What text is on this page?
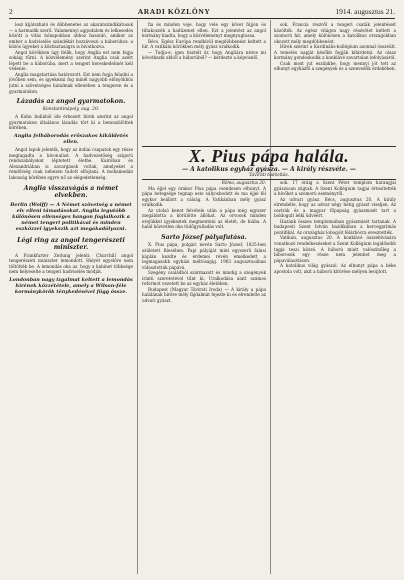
2	ARADI KÖZLÖNY	1914. augusztus 21.

lesz kijátszható és döbbenetes az akaratszindikátusok — a harmadik szerű. Valamennyi aggodalom és lelkesedés között a vitás hónapokban ahhoz hasonló, amikor az ember a hadviselés szándékát hozzáveszi a háborúhoz: a közös ügyeket a köztisztaságra is hivatkozva.

Angol körökben úgy ítélik, hogy Anglia ezt nem fogja sokáig tűrni. A közvélemény szerint Anglia csak azért lépett be a háborúba, mert a tengeri kereskedelmét kell védenie.

Anglia magatartása határozott. Ezt nem fogja feladni a jövőben sem, és igyekezni fog minél nagyobb előnyökhöz jutni a szövetséges hatalmak ellenében a tengeren és a gyarmatokon.

Lázadás az angol gyarmatokon.
Konstantinápoly, aug. 20.

A Kuhn Indiából ide érkezett hírek szerint az angol gyarmatokon általános lázadás tört ki a bennszülöttek körében.

Anglia felháborodás erőszakos kiküldetés ellen.

Angol lapok jelentik, hogy az indiai csapatok egy része megtagadta a kivonulást. A hadvezetőség szigorú rendszabályokat léptetett életbe. Kairóban és Alexandriában is zavargások voltak, amelyeket a rendőrség csak nehezen tudott elfojtani. A mohamedán lakosság körében egyre nő az elégedetlenség.

Anglia visszavágás a német elvekben.
Berlin (Wolff) — A Német szövetség a német elv elleni támadásokat. Anglia legutóbb különösen ellenséges hangon foglalkozik a német tengeri politikával és minden eszközzel igyekszik azt megakadályozni.
Légi ring az angol tengerészeti miniszter.

A Frankfurter Zeitung jelenti: Churchill angol tengerészeti miniszter lemondott. Helyét egyelőre nem töltötték be. A lemondás oka az, hogy a kabinet többsége nem helyeselte a tengeri hadviselés módját.

Londonban nagy izgalmat keltett a lemondás hírének közzététele, amely a Wilson-féle kormánykörök ténykedésével függ össze.

fia és minden veje, hogy vele egy követ fújjon és tiltakozzék a hadüzenet ellen. Ezt a jelentést az angol kormány kiadta, hogy a közvéleményt megnyugtassa.

Bécs. Egész Európa rendkívül megdöbbenést keltett a hír. A vatikáni körökben mély gyász uralkodik.

— Tudja-e, igen tisztelt úr, hogy Angliára nézve mi következik ebből a háborúból? — kérdezte a képviselő.

sok. Francia részről a tengeri csaták jelentéseit közölték. Az egész világon nagy részvétet keltett a szomorú hír, amely különösen a katolikus országokban okozott mély megdöbbenést.

Hírek szerint a Kardinális-kollégium azonnal összeült. A temetés napját később fogják kihirdetni. Az olasz kormány gondoskodik a konklávé zavartalan lefolyásáról.

Csak most jut eszünkbe, hogy mennyi jót tett az elhunyt egyházfő a szegények és a szenvedők érdekében.

X. Pius pápa halála.
— A katolikus egyház gyásza. — A király részvéte. —
Távirati tudósítás.
Róma, augusztus 20.

Ma éjjel egy órakor Pius pápa csendesen elhunyt. A pápa betegsége tegnap este súlyosbodott és ma éjjel fél egykor beállott a válság. A Vatikánban mély gyász uralkodik.

Az utolsó kenet felvétele után a pápa még egyszer megáldotta a körülötte állókat. Az orvosok minden erejükkel igyekeztek megmenteni az életét, de hiába. A halál közvetlen oka tüdőgyulladás volt.

Sarto József pályafutása.

X. Pius pápa, polgári nevén Sarto József, 1835-ben született Riesében. Papi pályáját mint egyszerű falusi káplán kezdte és érdemei révén emelkedett a legmagasabb egyházi méltóságig. 1903 augusztusában választották pápává.

Szegény családból származott és mindig a szegények iránti szeretetével tűnt ki. Uralkodása alatt számos reformot vezetett be az egyház életében.

Budapest (Magyar Távirati Iroda) — A király a pápa halálának hírére mély fájdalmát fejezte ki és elrendelte az udvari gyászt.

sok. 17 óráig a Szent Péter templom harangjai gyászosan zúgtak. A Szent Kollégium tagjai értesítették a hívőket a szomorú eseményről.

Az udvari gyász. Bécs, augusztus 20. A király elrendelte, hogy az udvar négy hétig gyászt viseljen. Az osztrák és a magyar főpapság gyászmisét tart a boldogult lelki üdvéért.

Hazánk összes templomaiban gyászmisét tartanak. A budapesti Szent István bazilikában a hercegprímás pontifikál. Az országház lobogóit félárbócra eresztették.

Vatikán, augusztus 20. A konklávé összehívására vonatkozó rendelkezéseket a Szent Kollégium legidősebb tagja teszi közzé. A háború miatt valószínűleg a bíborosok egy része nem jelenhet meg a pápaválasztáson.

A katolikus világ gyászol. Az elhunyt pápa a béke apostola volt, akit a háború kitörése mélyen lesújtott.
